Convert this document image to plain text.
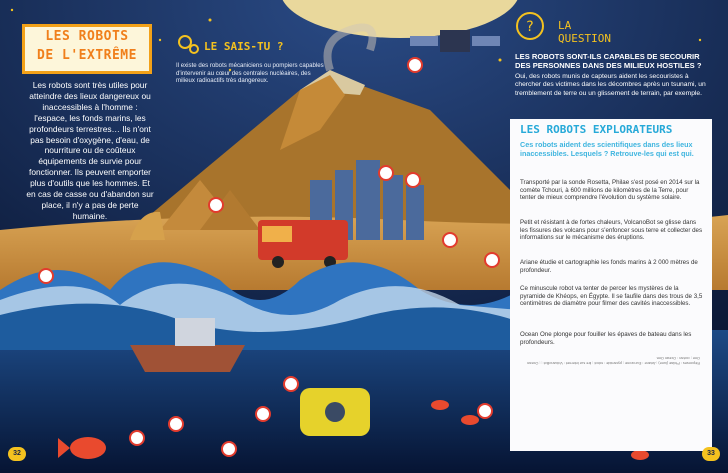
LES ROBOTS
DE L'EXTRÊME
Les robots sont très utiles pour atteindre des lieux dangereux ou inaccessibles à l'homme : l'espace, les fonds marins, les profondeurs terrestres… Ils n'ont pas besoin d'oxygène, d'eau, de nourriture ou de coûteux équipements de survie pour fonctionner. Ils peuvent emporter plus d'outils que les hommes. Et en cas de casse ou d'abandon sur place, il n'y a pas de perte humaine.
LE SAIS-TU ?
Il existe des robots mécaniciens ou pompiers capables d'intervenir au cœur des centrales nucléaires, des milieux radioactifs très dangereux.
? LA
QUESTION
LES ROBOTS SONT-ILS CAPABLES DE SECOURIR DES PERSONNES DANS DES MILIEUX HOSTILES ?
Oui, des robots munis de capteurs aident les secouristes à chercher des victimes dans les décombres après un tsunami, un tremblement de terre ou un glissement de terrain, par exemple.
LES ROBOTS EXPLORATEURS
Ces robots aident des scientifiques dans des lieux inaccessibles. Lesquels ? Retrouve-les qui est qui.
Transporté par la sonde Rosetta, Philae s'est posé en 2014 sur la comète Tchouri, à 600 millions de kilomètres de la Terre, pour tenter de mieux comprendre l'évolution du système solaire.
Petit et résistant à de fortes chaleurs, VolcanoBot se glisse dans les fissures des volcans pour s'enfoncer sous terre et collecter des informations sur le mécanisme des éruptions.
Ariane étudie et cartographie les fonds marins à 2 000 mètres de profondeur.
Ce minuscule robot va tenter de percer les mystères de la pyramide de Khéops, en Égypte. Il se faufile dans des trous de 3,5 centimètres de diamètre pour filmer des cavités inaccessibles.
Ocean One plonge pour fouiller les épaves de bateau dans les profondeurs.
Réponses : Philae (lune) ; Ariane : Eurozone ; pyramide : robot ; lire sur Internet : VolcanoBot ; ; Ocean One ; océan : Ocean One.
32	33
